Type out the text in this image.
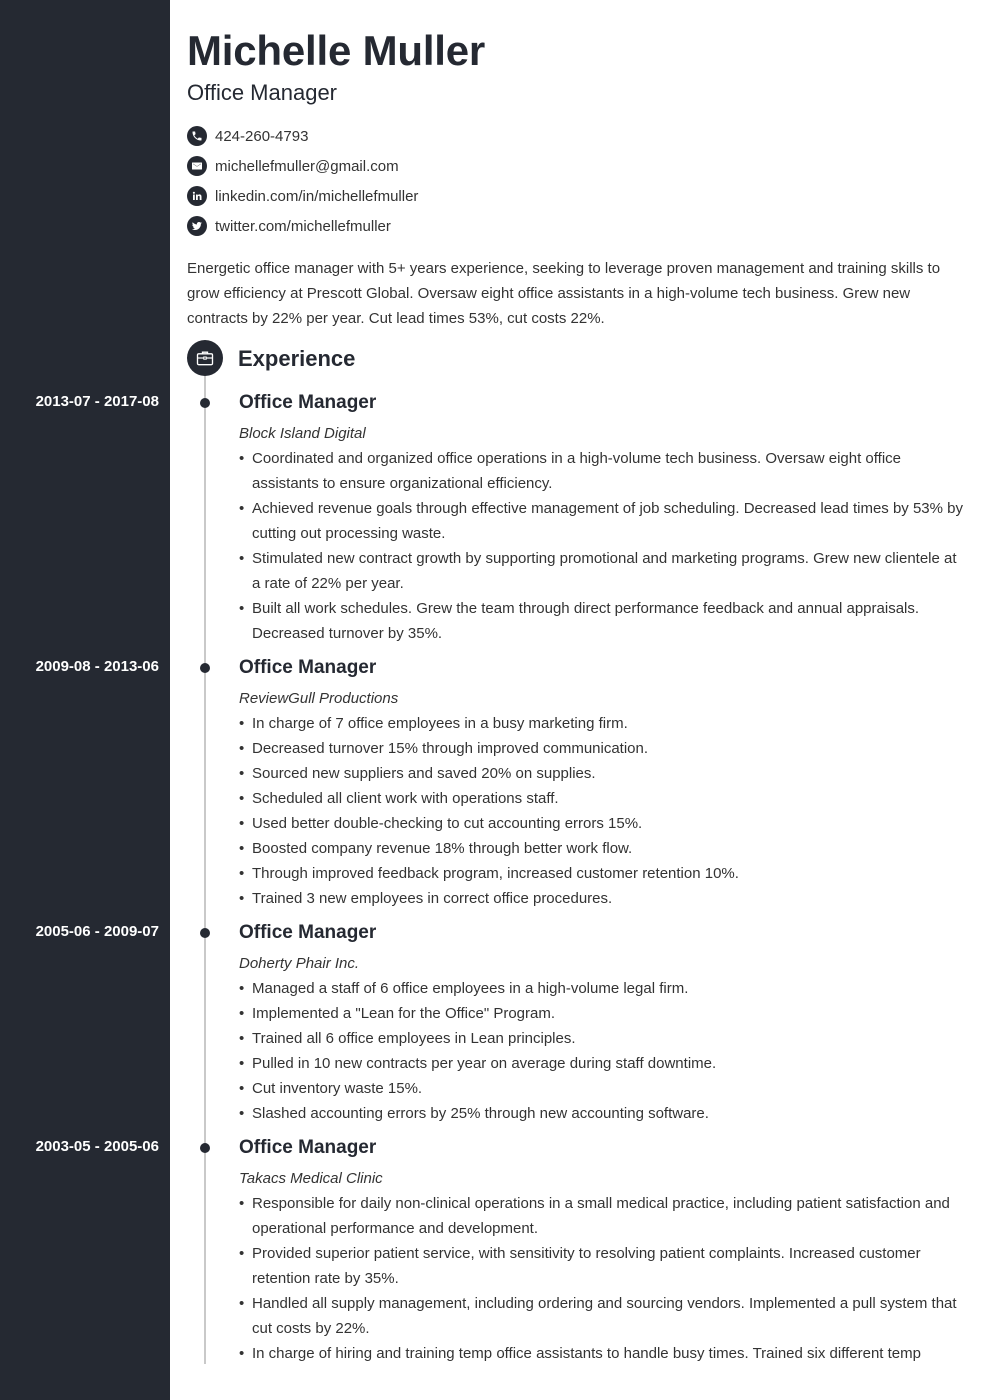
Michelle Muller
Office Manager
424-260-4793
michellefmuller@gmail.com
linkedin.com/in/michellefmuller
twitter.com/michellefmuller

Energetic office manager with 5+ years experience, seeking to leverage proven management and training skills to grow efficiency at Prescott Global. Oversaw eight office assistants in a high-volume tech business. Grew new contracts by 22% per year. Cut lead times 53%, cut costs 22%.

Experience
2013-07 - 2017-08	Office Manager
Block Island Digital
• Coordinated and organized office operations in a high-volume tech business. Oversaw eight office assistants to ensure organizational efficiency.
• Achieved revenue goals through effective management of job scheduling. Decreased lead times by 53% by cutting out processing waste.
• Stimulated new contract growth by supporting promotional and marketing programs. Grew new clientele at a rate of 22% per year.
• Built all work schedules. Grew the team through direct performance feedback and annual appraisals. Decreased turnover by 35%.
2009-08 - 2013-06	Office Manager
ReviewGull Productions
• In charge of 7 office employees in a busy marketing firm.
• Decreased turnover 15% through improved communication.
• Sourced new suppliers and saved 20% on supplies.
• Scheduled all client work with operations staff.
• Used better double-checking to cut accounting errors 15%.
• Boosted company revenue 18% through better work flow.
• Through improved feedback program, increased customer retention 10%.
• Trained 3 new employees in correct office procedures.
2005-06 - 2009-07	Office Manager
Doherty Phair Inc.
• Managed a staff of 6 office employees in a high-volume legal firm.
• Implemented a "Lean for the Office" Program.
• Trained all 6 office employees in Lean principles.
• Pulled in 10 new contracts per year on average during staff downtime.
• Cut inventory waste 15%.
• Slashed accounting errors by 25% through new accounting software.
2003-05 - 2005-06	Office Manager
Takacs Medical Clinic
• Responsible for daily non-clinical operations in a small medical practice, including patient satisfaction and operational performance and development.
• Provided superior patient service, with sensitivity to resolving patient complaints. Increased customer retention rate by 35%.
• Handled all supply management, including ordering and sourcing vendors. Implemented a pull system that cut costs by 22%.
• In charge of hiring and training temp office assistants to handle busy times. Trained six different temp
